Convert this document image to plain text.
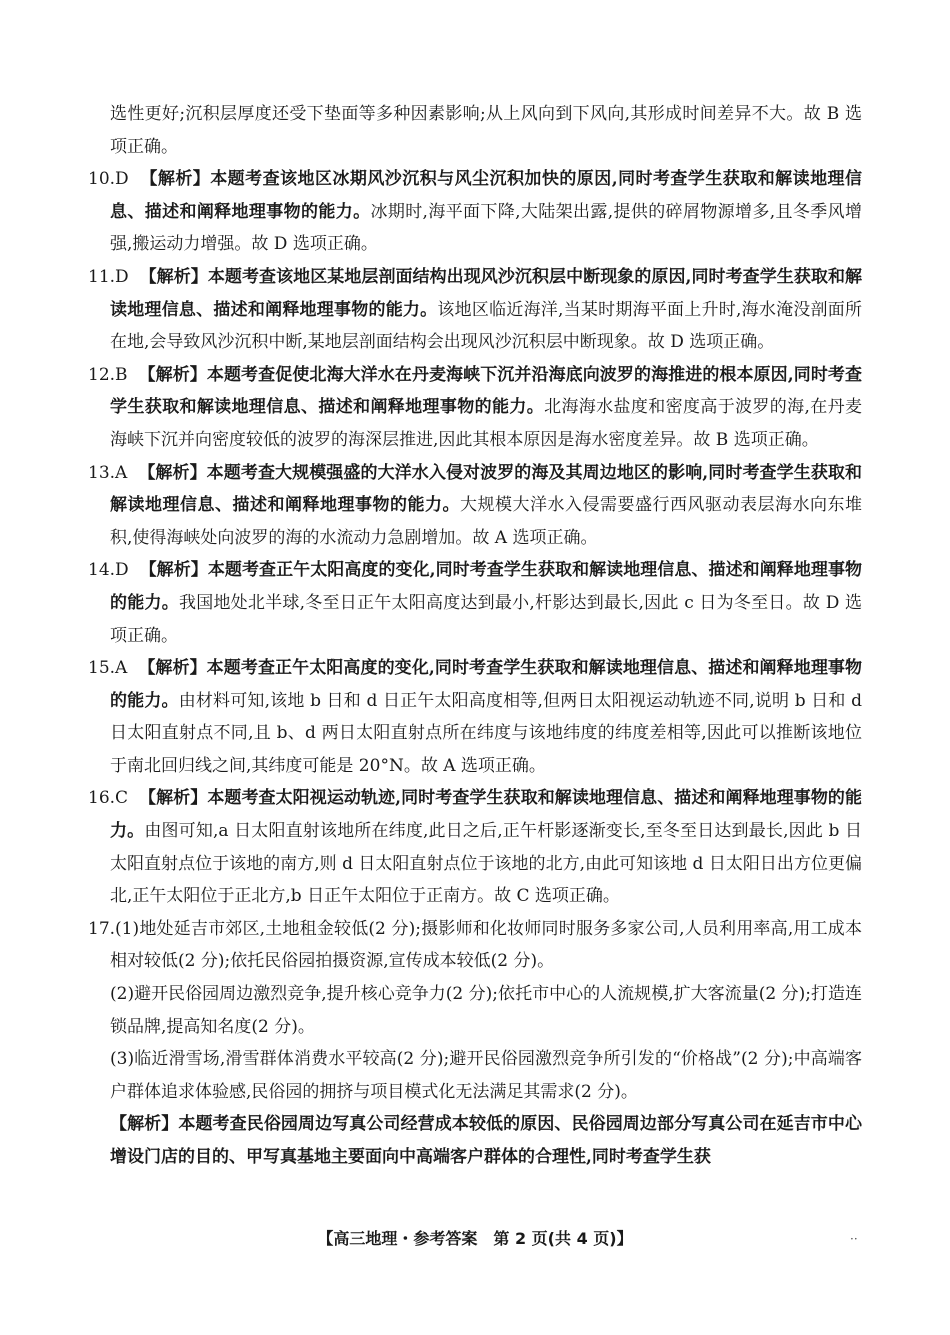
选性更好;沉积层厚度还受下垫面等多种因素影响;从上风向到下风向,其形成时间差异不大。故 B 选项正确。

10.D 【解析】本题考查该地区冰期风沙沉积与风尘沉积加快的原因,同时考查学生获取和解读地理信息、描述和阐释地理事物的能力。冰期时,海平面下降,大陆架出露,提供的碎屑物源增多,且冬季风增强,搬运动力增强。故 D 选项正确。

11.D 【解析】本题考查该地区某地层剖面结构出现风沙沉积层中断现象的原因,同时考查学生获取和解读地理信息、描述和阐释地理事物的能力。该地区临近海洋,当某时期海平面上升时,海水淹没剖面所在地,会导致风沙沉积中断,某地层剖面结构会出现风沙沉积层中断现象。故 D 选项正确。

12.B 【解析】本题考查促使北海大洋水在丹麦海峡下沉并沿海底向波罗的海推进的根本原因,同时考查学生获取和解读地理信息、描述和阐释地理事物的能力。北海海水盐度和密度高于波罗的海,在丹麦海峡下沉并向密度较低的波罗的海深层推进,因此其根本原因是海水密度差异。故 B 选项正确。

13.A 【解析】本题考查大规模强盛的大洋水入侵对波罗的海及其周边地区的影响,同时考查学生获取和解读地理信息、描述和阐释地理事物的能力。大规模大洋水入侵需要盛行西风驱动表层海水向东堆积,使得海峡处向波罗的海的水流动力急剧增加。故 A 选项正确。

14.D 【解析】本题考查正午太阳高度的变化,同时考查学生获取和解读地理信息、描述和阐释地理事物的能力。我国地处北半球,冬至日正午太阳高度达到最小,杆影达到最长,因此 c 日为冬至日。故 D 选项正确。

15.A 【解析】本题考查正午太阳高度的变化,同时考查学生获取和解读地理信息、描述和阐释地理事物的能力。由材料可知,该地 b 日和 d 日正午太阳高度相等,但两日太阳视运动轨迹不同,说明 b 日和 d 日太阳直射点不同,且 b、d 两日太阳直射点所在纬度与该地纬度的纬度差相等,因此可以推断该地位于南北回归线之间,其纬度可能是 20°N。故 A 选项正确。

16.C 【解析】本题考查太阳视运动轨迹,同时考查学生获取和解读地理信息、描述和阐释地理事物的能力。由图可知,a 日太阳直射该地所在纬度,此日之后,正午杆影逐渐变长,至冬至日达到最长,因此 b 日太阳直射点位于该地的南方,则 d 日太阳直射点位于该地的北方,由此可知该地 d 日太阳日出方位更偏北,正午太阳位于正北方,b 日正午太阳位于正南方。故 C 选项正确。

17.(1)地处延吉市郊区,土地租金较低(2 分);摄影师和化妆师同时服务多家公司,人员利用率高,用工成本相对较低(2 分);依托民俗园拍摄资源,宣传成本较低(2 分)。

(2)避开民俗园周边激烈竞争,提升核心竞争力(2 分);依托市中心的人流规模,扩大客流量(2 分);打造连锁品牌,提高知名度(2 分)。

(3)临近滑雪场,滑雪群体消费水平较高(2 分);避开民俗园激烈竞争所引发的“价格战”(2 分);中高端客户群体追求体验感,民俗园的拥挤与项目模式化无法满足其需求(2 分)。

【解析】本题考查民俗园周边写真公司经营成本较低的原因、民俗园周边部分写真公司在延吉市中心增设门店的目的、甲写真基地主要面向中高端客户群体的合理性,同时考查学生获

【高三地理・参考答案　第 2 页(共 4 页)】	··
